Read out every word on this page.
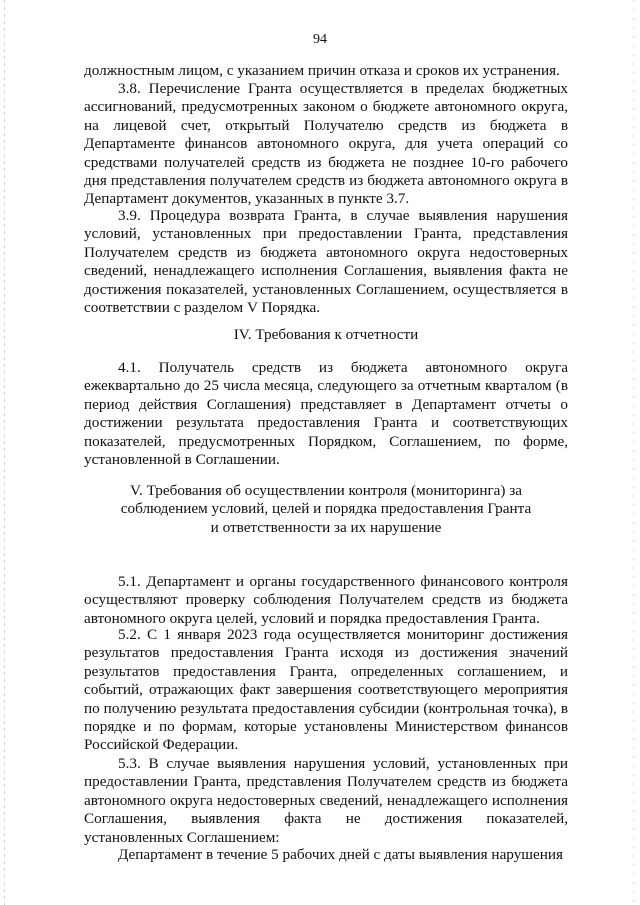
94

должностным лицом, с указанием причин отказа и сроков их устранения.

3.8. Перечисление Гранта осуществляется в пределах бюджетных ассигнований, предусмотренных законом о бюджете автономного округа, на лицевой счет, открытый Получателю средств из бюджета в Департаменте финансов автономного округа, для учета операций со средствами получателей средств из бюджета не позднее 10-го рабочего дня представления получателем средств из бюджета автономного округа в Департамент документов, указанных в пункте 3.7.

3.9. Процедура возврата Гранта, в случае выявления нарушения условий, установленных при предоставлении Гранта, представления Получателем средств из бюджета автономного округа недостоверных сведений, ненадлежащего исполнения Соглашения, выявления факта не достижения показателей, установленных Соглашением, осуществляется в соответствии с разделом V Порядка.

IV. Требования к отчетности

4.1. Получатель средств из бюджета автономного округа ежеквартально до 25 числа месяца, следующего за отчетным кварталом (в период действия Соглашения) представляет в Департамент отчеты о достижении результата предоставления Гранта и соответствующих показателей, предусмотренных Порядком, Соглашением, по форме, установленной в Соглашении.

V. Требования об осуществлении контроля (мониторинга) за

соблюдением условий, целей и порядка предоставления Гранта

и ответственности за их нарушение

5.1. Департамент и органы государственного финансового контроля осуществляют проверку соблюдения Получателем средств из бюджета автономного округа целей, условий и порядка предоставления Гранта.

5.2. С 1 января 2023 года осуществляется мониторинг достижения результатов предоставления Гранта исходя из достижения значений результатов предоставления Гранта, определенных соглашением, и событий, отражающих факт завершения соответствующего мероприятия по получению результата предоставления субсидии (контрольная точка), в порядке и по формам, которые установлены Министерством финансов Российской Федерации.

5.3. В случае выявления нарушения условий, установленных при предоставлении Гранта, представления Получателем средств из бюджета автономного округа недостоверных сведений, ненадлежащего исполнения Соглашения, выявления факта не достижения показателей, установленных Соглашением:

Департамент в течение 5 рабочих дней с даты выявления нарушения
